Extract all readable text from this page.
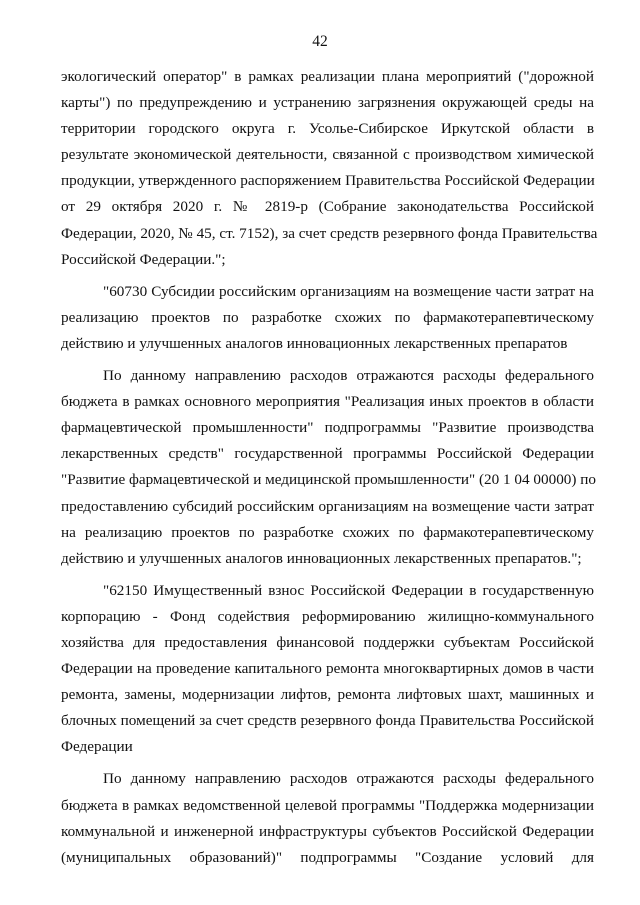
42
экологический оператор" в рамках реализации плана мероприятий ("дорожной
карты") по предупреждению и устранению загрязнения окружающей среды на
территории городского округа г. Усолье-Сибирское Иркутской области в
результате экономической деятельности, связанной с производством химической
продукции, утвержденного распоряжением Правительства Российской Федерации
от 29 октября 2020 г. № 2819-р (Собрание законодательства Российской
Федерации, 2020, № 45, ст. 7152), за счет средств резервного фонда Правительства
Российской Федерации.";
"60730 Субсидии российским организациям на возмещение части затрат на
реализацию проектов по разработке схожих по фармакотерапевтическому
действию и улучшенных аналогов инновационных лекарственных препаратов
По данному направлению расходов отражаются расходы федерального
бюджета в рамках основного мероприятия "Реализация иных проектов в области
фармацевтической промышленности" подпрограммы "Развитие производства
лекарственных средств" государственной программы Российской Федерации
"Развитие фармацевтической и медицинской промышленности" (20 1 04 00000) по
предоставлению субсидий российским организациям на возмещение части затрат
на реализацию проектов по разработке схожих по фармакотерапевтическому
действию и улучшенных аналогов инновационных лекарственных препаратов.";
"62150 Имущественный взнос Российской Федерации в государственную
корпорацию - Фонд содействия реформированию жилищно-коммунального
хозяйства для предоставления финансовой поддержки субъектам Российской
Федерации на проведение капитального ремонта многоквартирных домов в части
ремонта, замены, модернизации лифтов, ремонта лифтовых шахт, машинных и
блочных помещений за счет средств резервного фонда Правительства Российской
Федерации
По данному направлению расходов отражаются расходы федерального
бюджета в рамках ведомственной целевой программы "Поддержка модернизации
коммунальной и инженерной инфраструктуры субъектов Российской Федерации
(муниципальных образований)" подпрограммы "Создание условий для
